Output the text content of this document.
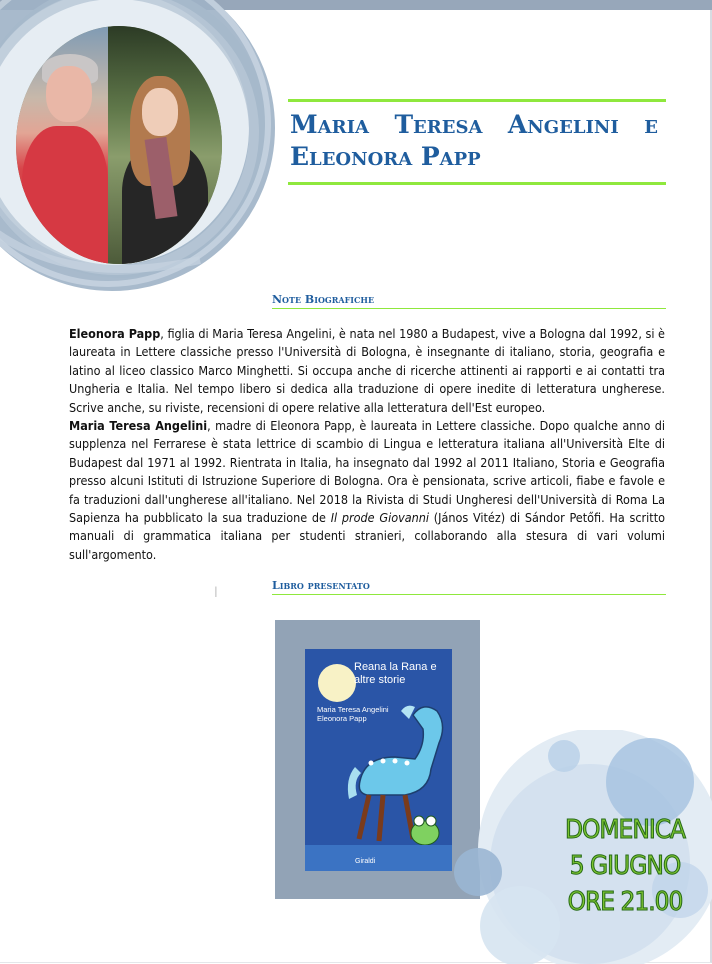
Maria Teresa Angelini e Eleonora Papp
Note Biografiche

Eleonora Papp, figlia di Maria Teresa Angelini, è nata nel 1980 a Budapest, vive a Bologna dal 1992, si è laureata in Lettere classiche presso l'Università di Bologna, è insegnante di italiano, storia, geografia e latino al liceo classico Marco Minghetti. Si occupa anche di ricerche attinenti ai rapporti e ai contatti tra Ungheria e Italia. Nel tempo libero si dedica alla traduzione di opere inedite di letteratura ungherese. Scrive anche, su riviste, recensioni di opere relative alla letteratura dell'Est europeo.

Maria Teresa Angelini, madre di Eleonora Papp, è laureata in Lettere classiche. Dopo qualche anno di supplenza nel Ferrarese è stata lettrice di scambio di Lingua e letteratura italiana all'Università Elte di Budapest dal 1971 al 1992. Rientrata in Italia, ha insegnato dal 1992 al 2011 Italiano, Storia e Geografia presso alcuni Istituti di Istruzione Superiore di Bologna. Ora è pensionata, scrive articoli, fiabe e favole e fa traduzioni dall'ungherese all'italiano. Nel 2018 la Rivista di Studi Ungheresi dell'Università di Roma La Sapienza ha pubblicato la sua traduzione de Il prode Giovanni (János Vitéz) di Sándor Petőfi. Ha scritto manuali di grammatica italiana per studenti stranieri, collaborando alla stesura di vari volumi sull'argomento.

I	Libro presentato
Reana la Rana e altre storie
Maria Teresa Angelini
Eleonora Papp
Giraldi
DOMENICA
5 GIUGNO
ORE 21.00
